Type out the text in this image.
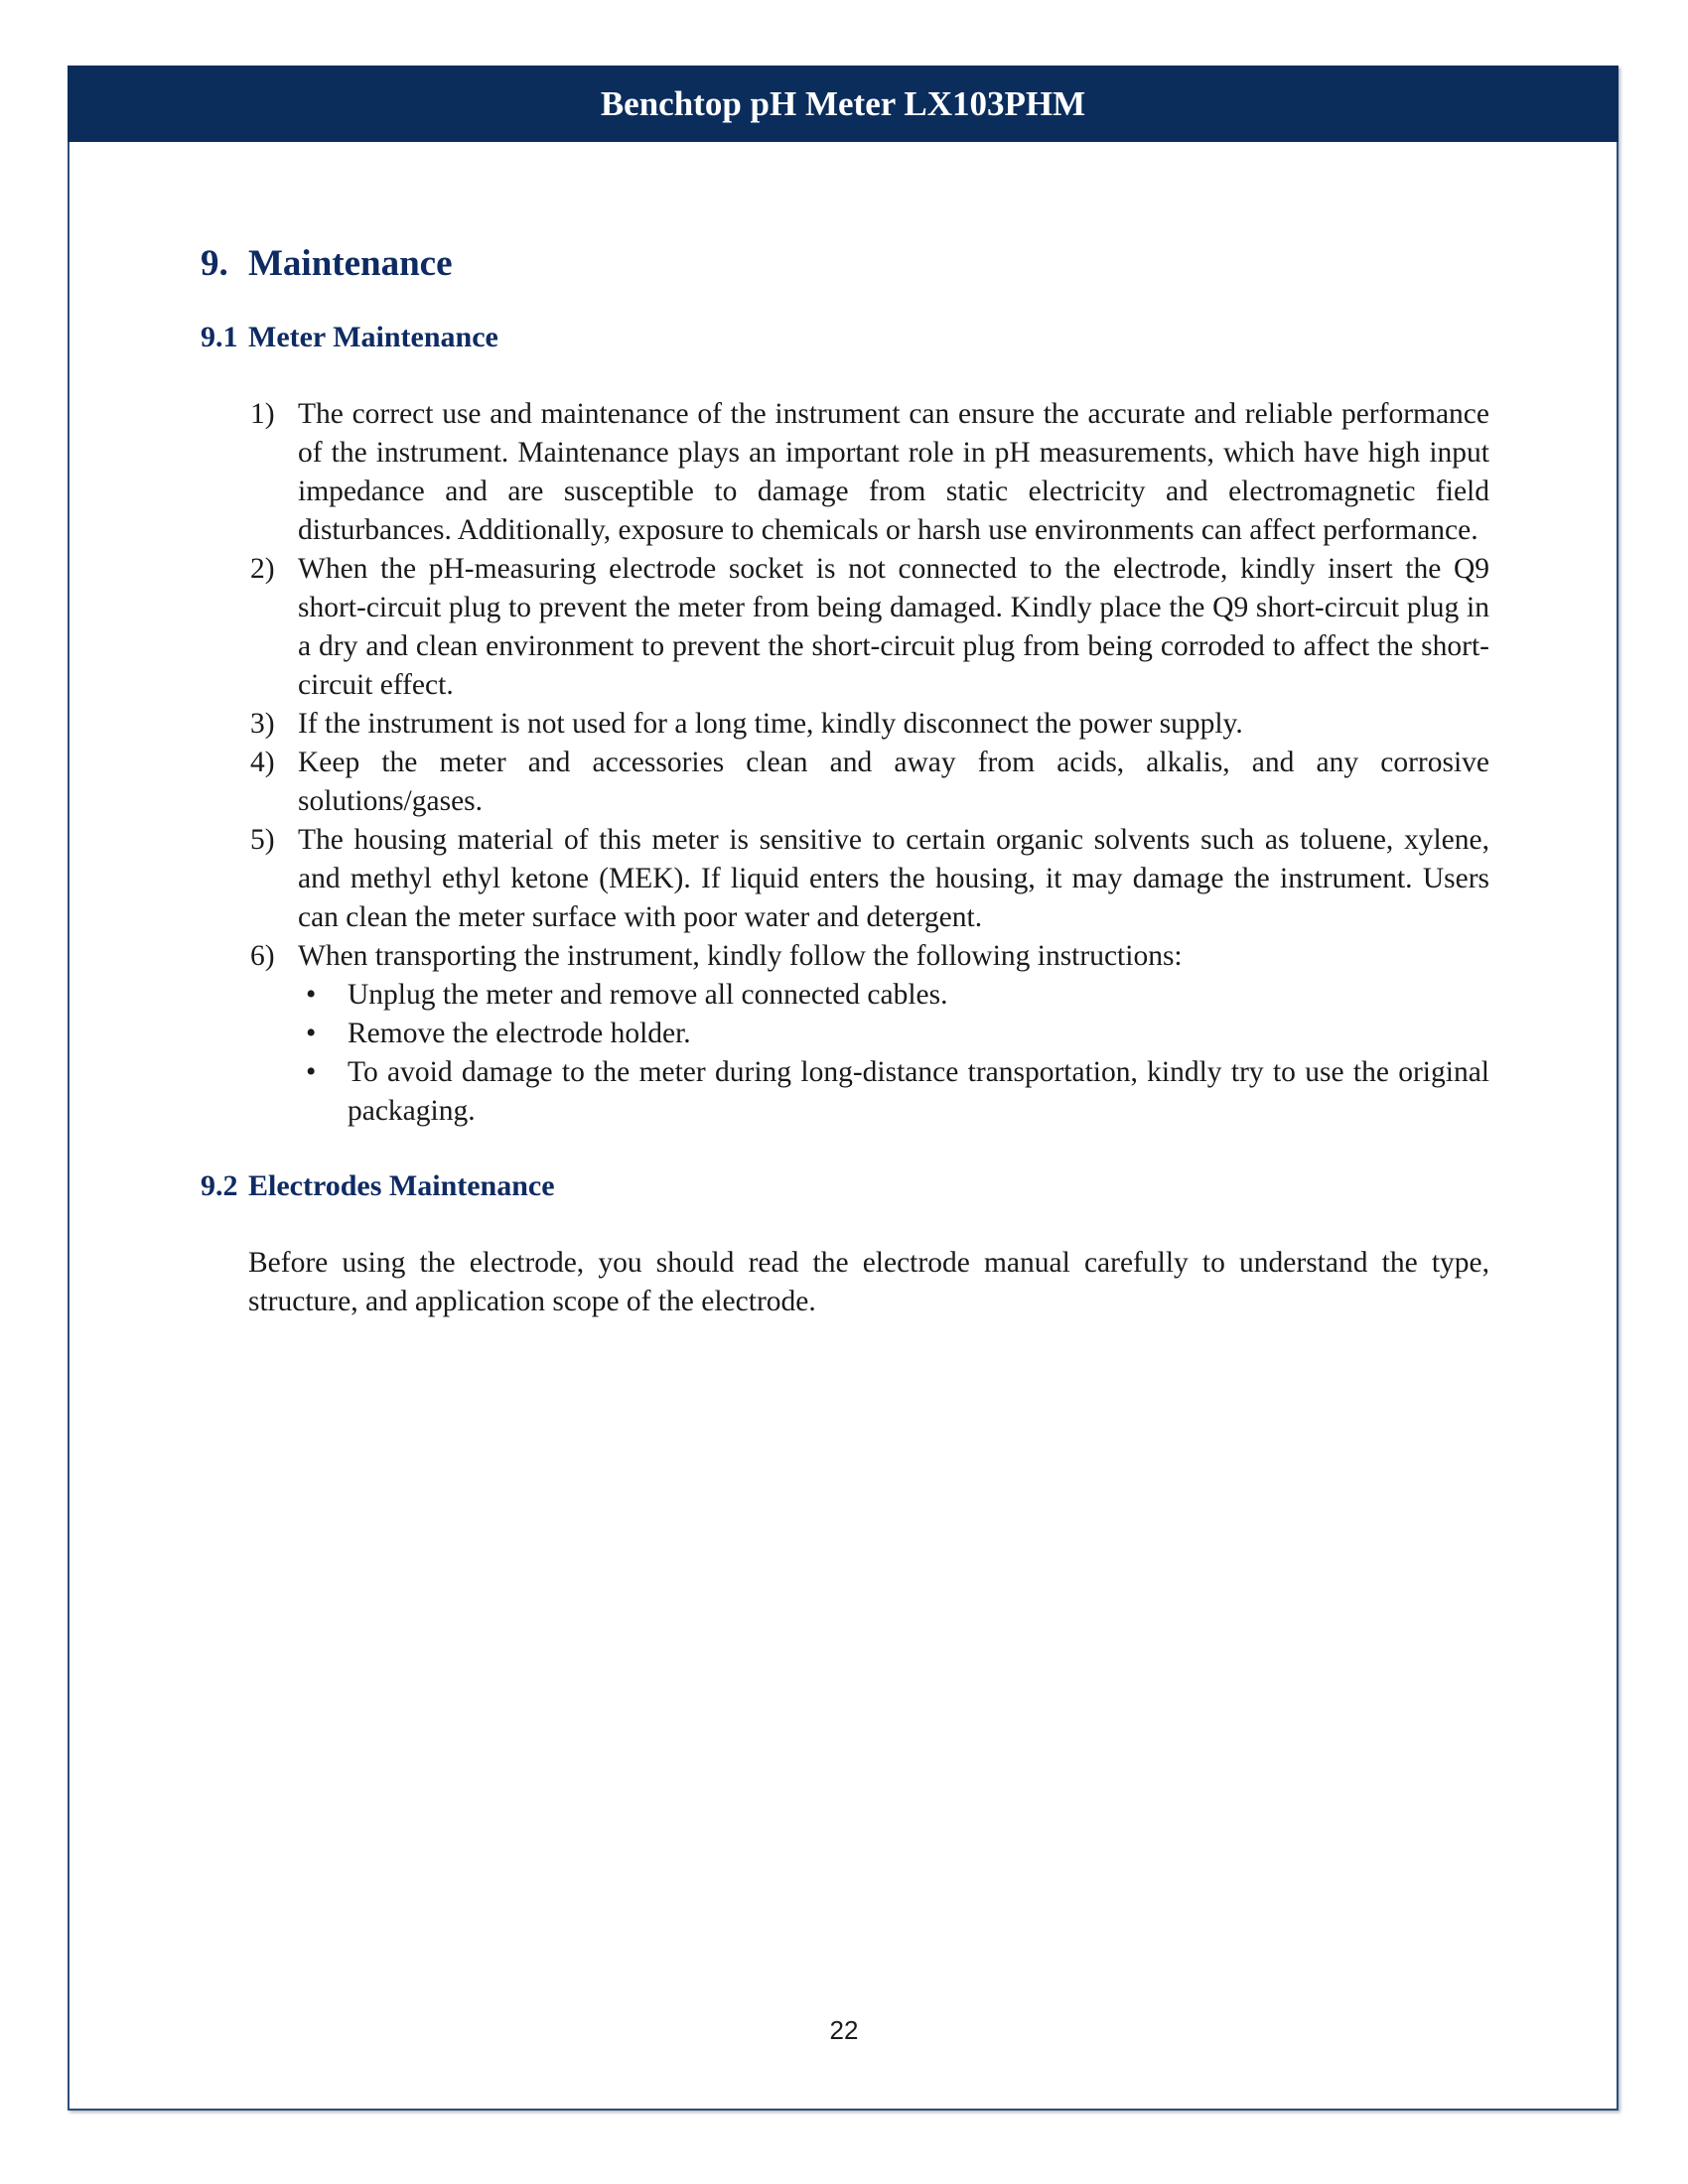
Benchtop pH Meter LX103PHM
9. Maintenance
9.1 Meter Maintenance
1) The correct use and maintenance of the instrument can ensure the accurate and reliable performance of the instrument. Maintenance plays an important role in pH measurements, which have high input impedance and are susceptible to damage from static electricity and electromagnetic field disturbances. Additionally, exposure to chemicals or harsh use environments can affect performance.
2) When the pH-measuring electrode socket is not connected to the electrode, kindly insert the Q9 short-circuit plug to prevent the meter from being damaged. Kindly place the Q9 short-circuit plug in a dry and clean environment to prevent the short-circuit plug from being corroded to affect the short-circuit effect.
3) If the instrument is not used for a long time, kindly disconnect the power supply.
4) Keep the meter and accessories clean and away from acids, alkalis, and any corrosive solutions/gases.
5) The housing material of this meter is sensitive to certain organic solvents such as toluene, xylene, and methyl ethyl ketone (MEK). If liquid enters the housing, it may damage the instrument. Users can clean the meter surface with poor water and detergent.
6) When transporting the instrument, kindly follow the following instructions:
• Unplug the meter and remove all connected cables.
• Remove the electrode holder.
• To avoid damage to the meter during long-distance transportation, kindly try to use the original packaging.
9.2 Electrodes Maintenance

Before using the electrode, you should read the electrode manual carefully to understand the type, structure, and application scope of the electrode.

22
